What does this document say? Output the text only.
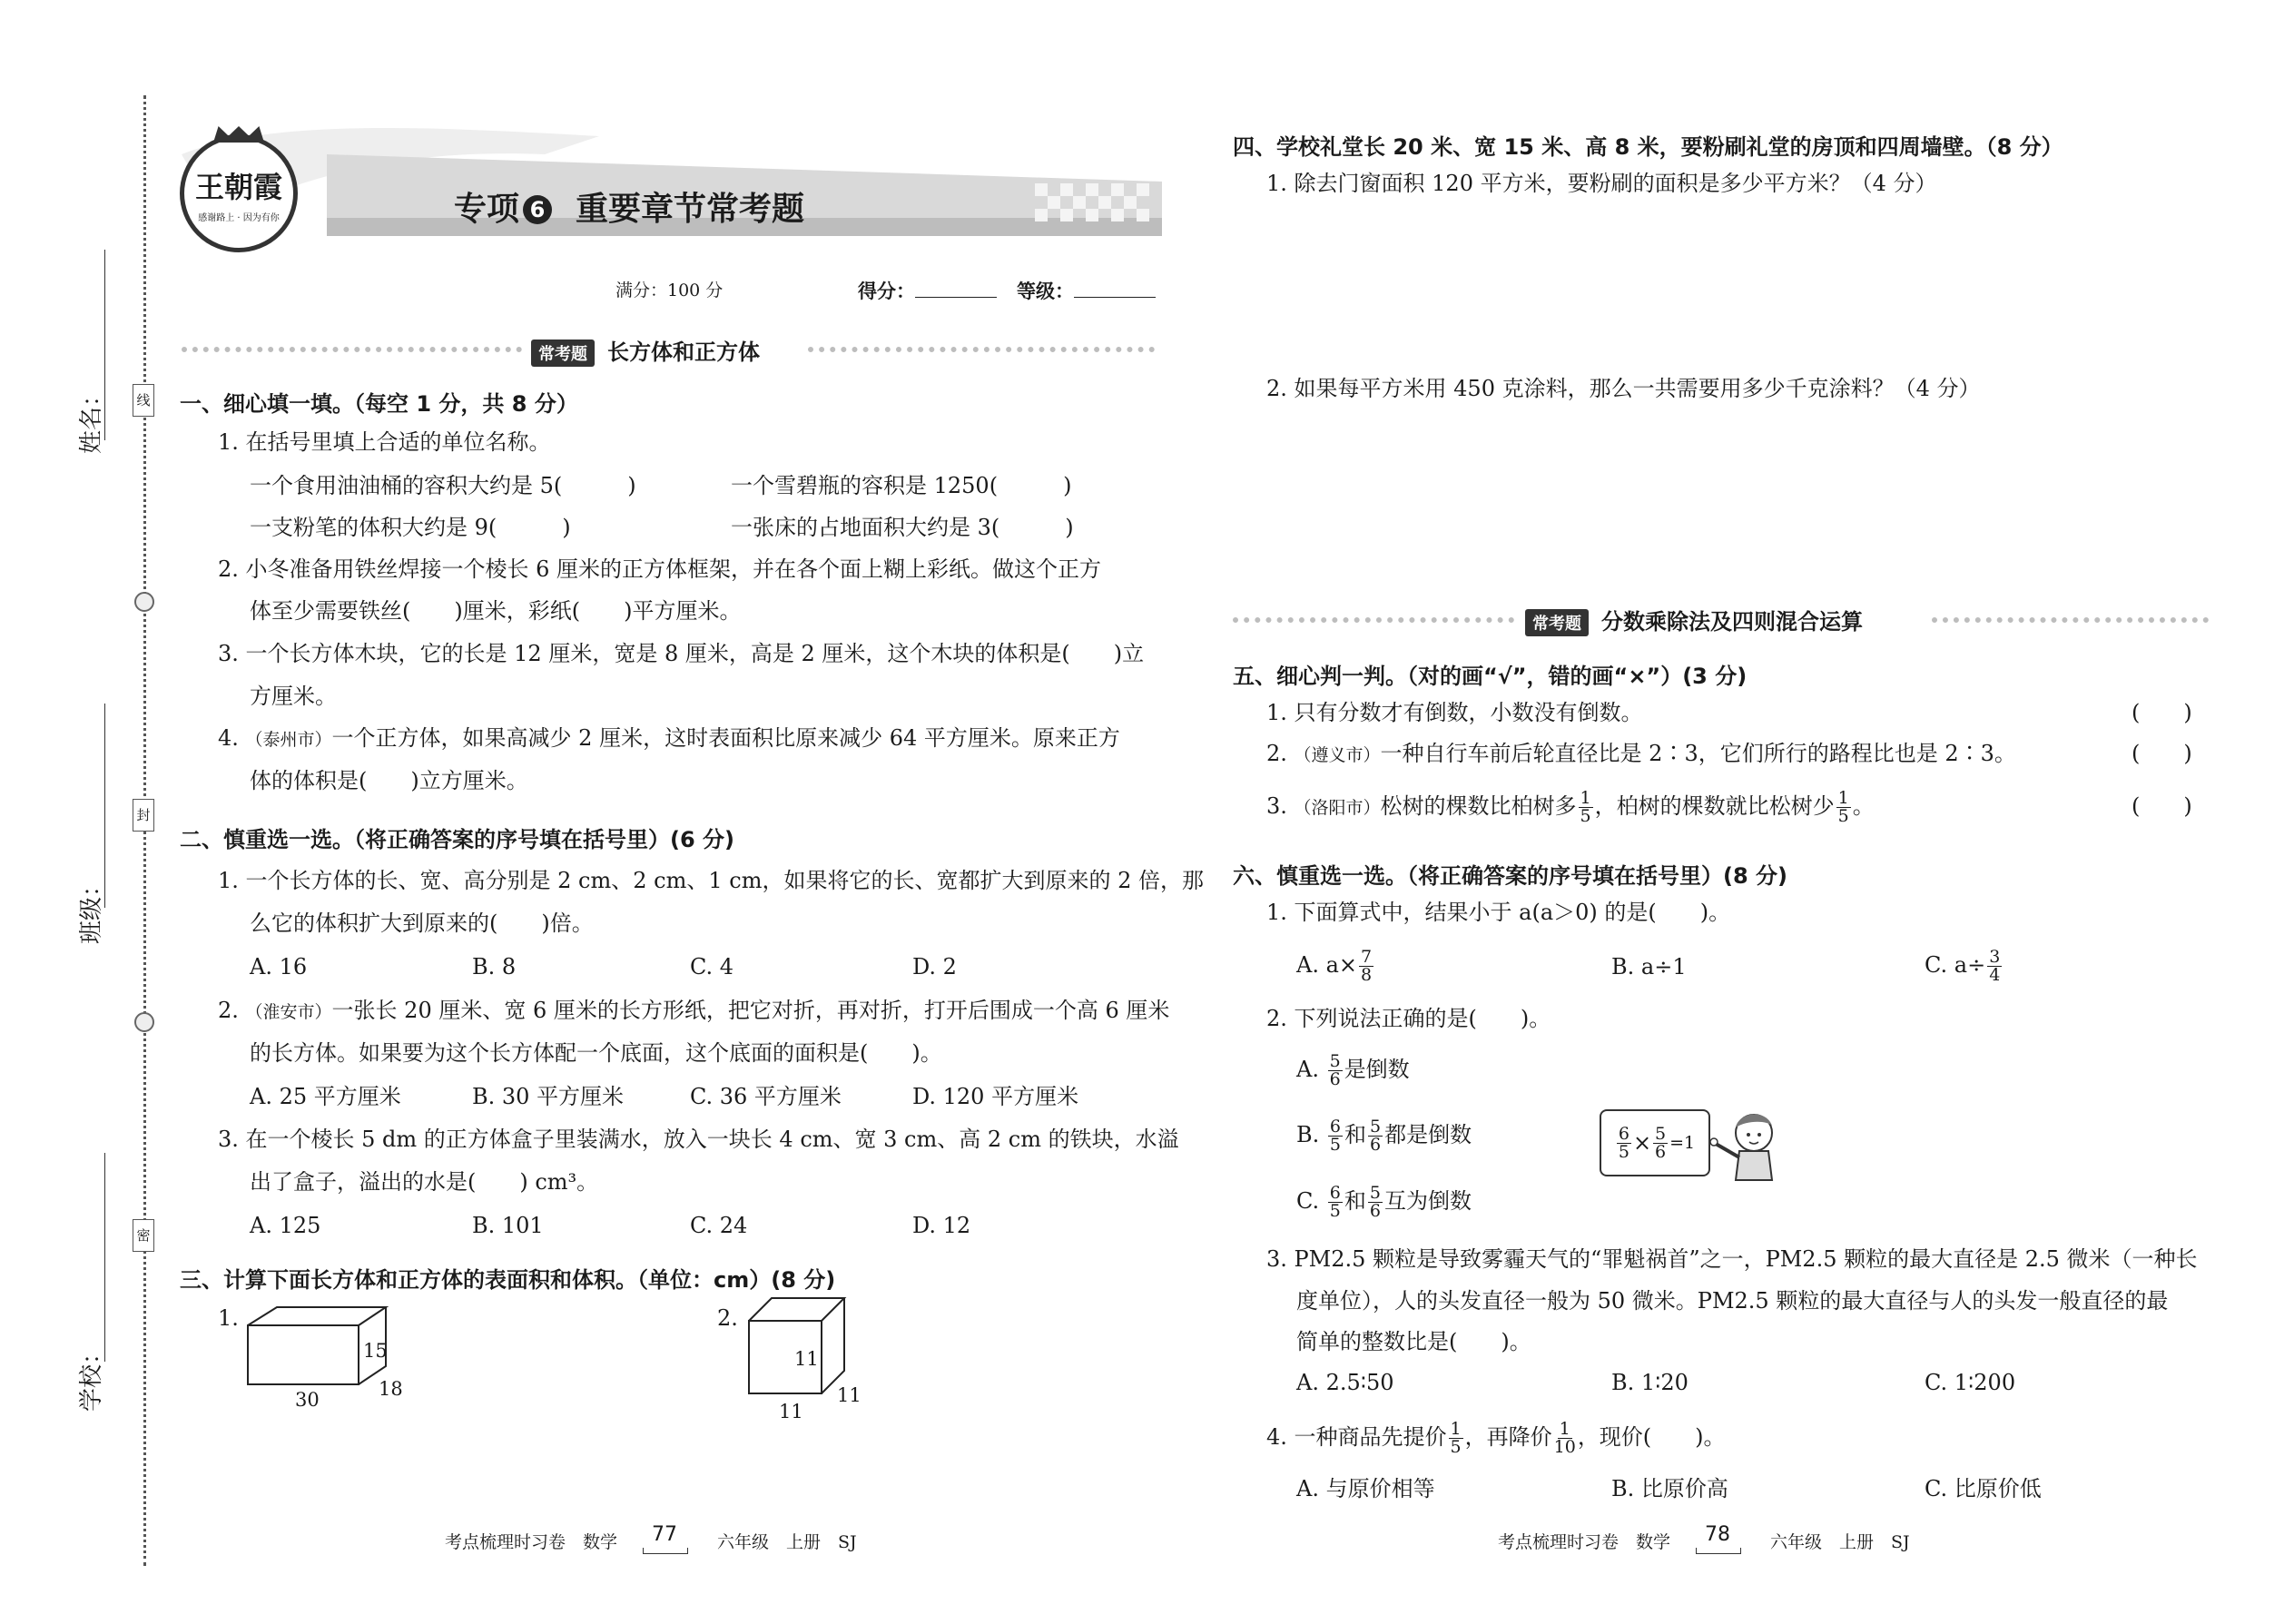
姓名：
班级：
学校：
线
封
密
王朝霞
感谢路上 · 因为有你	专项 6 重要章节常考题
满分：100 分	得分：	等级：
常考题 长方体和正方体
一、细心填一填。（每空 1 分，共 8 分）
1. 在括号里填上合适的单位名称。
一个食用油油桶的容积大约是 5(　　　)	一个雪碧瓶的容积是 1250(　　　)
一支粉笔的体积大约是 9(　　　)	一张床的占地面积大约是 3(　　　)
2. 小冬准备用铁丝焊接一个棱长 6 厘米的正方体框架，并在各个面上糊上彩纸。做这个正方
体至少需要铁丝(　　)厘米，彩纸(　　)平方厘米。
3. 一个长方体木块，它的长是 12 厘米，宽是 8 厘米，高是 2 厘米，这个木块的体积是(　　)立
方厘米。
4. （泰州市）一个正方体，如果高减少 2 厘米，这时表面积比原来减少 64 平方厘米。原来正方
体的体积是(　　)立方厘米。
二、慎重选一选。（将正确答案的序号填在括号里）(6 分)
1. 一个长方体的长、宽、高分别是 2 cm、2 cm、1 cm，如果将它的长、宽都扩大到原来的 2 倍，那
么它的体积扩大到原来的(　　)倍。
A. 16	B. 8	C. 4	D. 2
2. （淮安市）一张长 20 厘米、宽 6 厘米的长方形纸，把它对折，再对折，打开后围成一个高 6 厘米
的长方体。如果要为这个长方体配一个底面，这个底面的面积是(　　)。
A. 25 平方厘米	B. 30 平方厘米	C. 36 平方厘米	D. 120 平方厘米
3. 在一个棱长 5 dm 的正方体盒子里装满水，放入一块长 4 cm、宽 3 cm、高 2 cm 的铁块，水溢
出了盒子，溢出的水是(　　) cm³。
A. 125	B. 101	C. 24	D. 12
三、计算下面长方体和正方体的表面积和体积。（单位：cm）(8 分)
1.
30	18
15
2.
11
11
11
考点梳理时习卷　数学 77 六年级　上册　SJ
四、学校礼堂长 20 米、宽 15 米、高 8 米，要粉刷礼堂的房顶和四周墙壁。（8 分）
1. 除去门窗面积 120 平方米，要粉刷的面积是多少平方米？（4 分）
2. 如果每平方米用 450 克涂料，那么一共需要用多少千克涂料？（4 分）
常考题 分数乘除法及四则混合运算
五、细心判一判。（对的画“√”，错的画“×”）(3 分)
1. 只有分数才有倒数，小数没有倒数。	(　　)
2. （遵义市）一种自行车前后轮直径比是 2∶3，它们所行的路程比也是 2∶3。	(　　)
3. （洛阳市）松树的棵数比柏树多 $\frac{1}{5}$ ，柏树的棵数就比松树少 $\frac{1}{5}$ 。	(　　)
六、慎重选一选。（将正确答案的序号填在括号里）(8 分)
1. 下面算式中，结果小于 a(a＞0) 的是(　　)。
A. $a\times \frac{7}{8}$	B. a÷1	C. $a\div \frac{3}{4}$
2. 下列说法正确的是(　　)。
A. $\frac{5}{6}$ 是倒数
B. $\frac{6}{5}$ 和 $\frac{5}{6}$ 都是倒数
C. $\frac{6}{5}$ 和 $\frac{5}{6}$ 互为倒数
$\frac{6}{5} \times \frac{5}{6} =1$
3. PM2.5 颗粒是导致雾霾天气的“罪魁祸首”之一，PM2.5 颗粒的最大直径是 2.5 微米（一种长
度单位），人的头发直径一般为 50 微米。PM2.5 颗粒的最大直径与人的头发一般直径的最
简单的整数比是(　　)。
A. 2.5∶50	B. 1∶20	C. 1∶200
4. 一种商品先提价 $\frac{1}{5}$ ，再降价 $\frac{1}{10}$ ，现价(　　)。
A. 与原价相等	B. 比原价高	C. 比原价低
考点梳理时习卷　数学 78 六年级　上册　SJ
